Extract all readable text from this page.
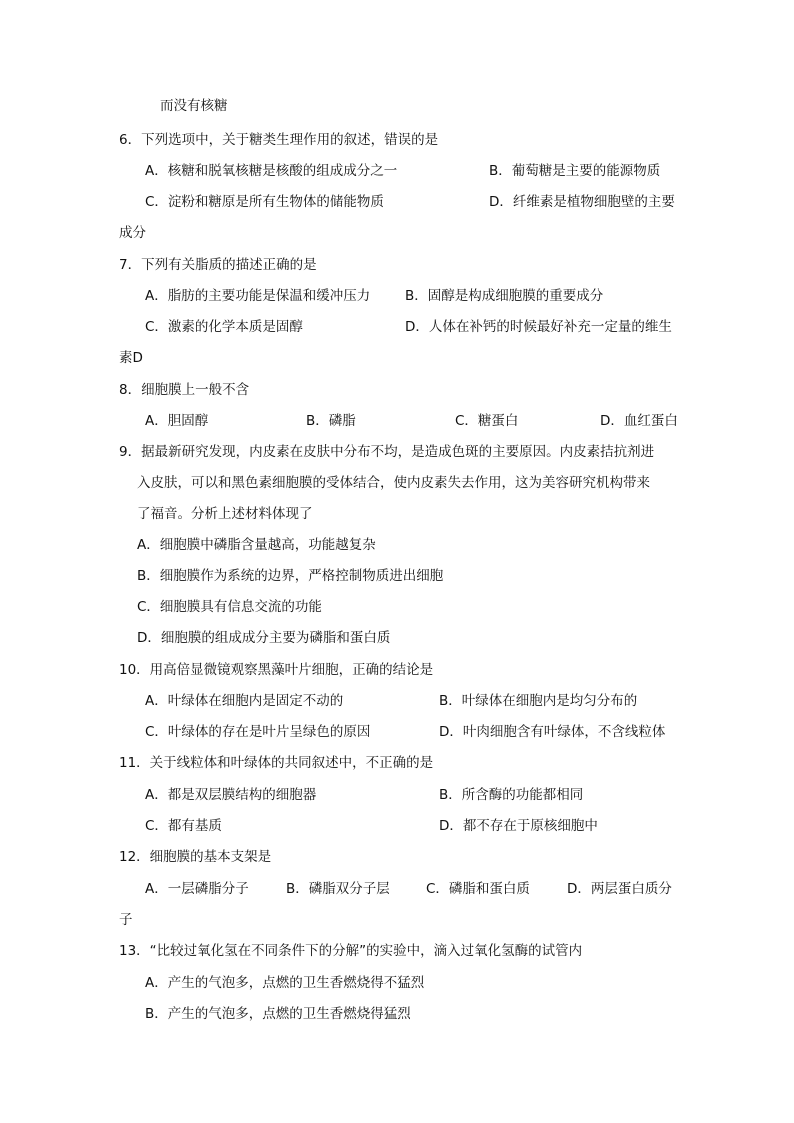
而没有核糖
6．下列选项中，关于糖类生理作用的叙述，错误的是
A．核糖和脱氧核糖是核酸的组成成分之一	B．葡萄糖是主要的能源物质
C．淀粉和糖原是所有生物体的储能物质	D．纤维素是植物细胞壁的主要
成分
7．下列有关脂质的描述正确的是
A．脂肪的主要功能是保温和缓冲压力	B．固醇是构成细胞膜的重要成分
C．激素的化学本质是固醇	D．人体在补钙的时候最好补充一定量的维生
素D
8．细胞膜上一般不含
A．胆固醇	B．磷脂	C．糖蛋白	D．血红蛋白
9．据最新研究发现，内皮素在皮肤中分布不均，是造成色斑的主要原因。内皮素拮抗剂进
入皮肤，可以和黑色素细胞膜的受体结合，使内皮素失去作用，这为美容研究机构带来
了福音。分析上述材料体现了
A．细胞膜中磷脂含量越高，功能越复杂
B．细胞膜作为系统的边界，严格控制物质进出细胞
C．细胞膜具有信息交流的功能
D．细胞膜的组成成分主要为磷脂和蛋白质
10．用高倍显微镜观察黑藻叶片细胞，正确的结论是
A．叶绿体在细胞内是固定不动的	B．叶绿体在细胞内是均匀分布的
C．叶绿体的存在是叶片呈绿色的原因	D．叶肉细胞含有叶绿体，不含线粒体
11．关于线粒体和叶绿体的共同叙述中，不正确的是
A．都是双层膜结构的细胞器	B．所含酶的功能都相同
C．都有基质	D．都不存在于原核细胞中
12．细胞膜的基本支架是
A．一层磷脂分子	B．磷脂双分子层	C．磷脂和蛋白质	D．两层蛋白质分
子
13．“比较过氧化氢在不同条件下的分解”的实验中，滴入过氧化氢酶的试管内
A．产生的气泡多，点燃的卫生香燃烧得不猛烈
B．产生的气泡多，点燃的卫生香燃烧得猛烈
